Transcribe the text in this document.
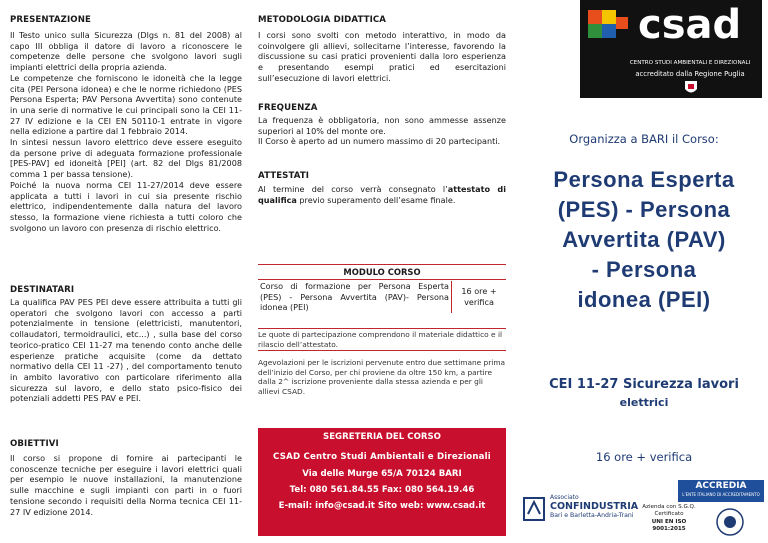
PRESENTAZIONE

Il Testo unico sulla Sicurezza (Dlgs n. 81 del 2008) al capo III obbliga il datore di lavoro a riconoscere le competenze delle persone che svolgono lavori sugli impianti elettrici della propria azienda.

Le competenze che forniscono le idoneità che la legge cita (PEI Persona idonea) e che le norme richiedono (PES Persona Esperta; PAV Persona Avvertita) sono contenute in una serie di normative le cui principali sono la CEI 11-27 IV edizione e la CEI EN 50110-1 entrate in vigore nella edizione a partire dal 1 febbraio 2014.

In sintesi nessun lavoro elettrico deve essere eseguito da persone prive di adeguata formazione professionale [PES-PAV] ed idoneità [PEI] (art. 82 del Dlgs 81/2008 comma 1 per bassa tensione).

Poiché la nuova norma CEI 11-27/2014 deve essere applicata a tutti i lavori in cui sia presente rischio elettrico, indipendentemente dalla natura del lavoro stesso, la formazione viene richiesta a tutti coloro che svolgono un lavoro con presenza di rischio elettrico.

DESTINATARI
La qualifica PAV PES PEI deve essere attribuita a tutti gli operatori che svolgono lavori con accesso a parti potenzialmente in tensione (elettricisti, manutentori, collaudatori, termoidraulici, etc...) , sulla base del corso teorico-pratico CEI 11-27 ma tenendo conto anche delle esperienze pratiche acquisite (come da dettato normativo della CEI 11 -27) , del comportamento tenuto in ambito lavorativo con particolare riferimento alla sicurezza sul lavoro, e dello stato psico-fisico dei potenziali addetti PES PAV e PEI.
OBIETTIVI
Il corso si propone di fornire ai partecipanti le conoscenze tecniche per eseguire i lavori elettrici quali per esempio le nuove installazioni, la manutenzione sulle macchine e sugli impianti con parti in o fuori tensione secondo i requisiti della Norma tecnica CEI 11-27 IV edizione 2014.
METODOLOGIA DIDATTICA
I corsi sono svolti con metodo interattivo, in modo da coinvolgere gli allievi, sollecitarne l’interesse, favorendo la discussione su casi pratici provenienti dalla loro esperienza e presentando esempi pratici ed esercitazioni sull’esecuzione di lavori elettrici.
FREQUENZA

La frequenza è obbligatoria, non sono ammesse assenze superiori al 10% del monte ore.

Il Corso è aperto ad un numero massimo di 20 partecipanti.

ATTESTATI
Al termine del corso verrà consegnato l’attestato di qualifica previo superamento dell’esame finale.
MODULO CORSO
Corso di formazione per Persona Esperta (PES) - Persona Avvertita (PAV)- Persona idonea (PEI)	16 ore + verifica
Le quote di partecipazione comprendono il materiale didattico e il rilascio dell’attestato.
Agevolazioni per le iscrizioni pervenute entro due settimane prima dell’inizio del Corso, per chi proviene da oltre 150 km, a partire dalla 2^ iscrizione proveniente dalla stessa azienda e per gli allievi CSAD.
SEGRETERIA DEL CORSO
CSAD Centro Studi Ambientali e Direzionali
Via delle Murge 65/A 70124 BARI
Tel: 080 561.84.55 Fax: 080 564.19.46
E-mail: info@csad.it Sito web: www.csad.it
csad
CENTRO STUDI AMBIENTALI E DIREZIONALI
accreditato dalla Regione Puglia
Organizza a BARI il Corso:
Persona Esperta
(PES) - Persona
Avvertita (PAV)
- Persona
idonea (PEI)
CEI 11-27 Sicurezza lavori
elettrici
16 ore + verifica
ACCREDIA
L'ENTE ITALIANO DI ACCREDITAMENTO
Associato
CONFINDUSTRIA
Bari e Barletta-Andria-Trani
Azienda con S.G.Q.
Certificato
UNI EN ISO 9001:2015
